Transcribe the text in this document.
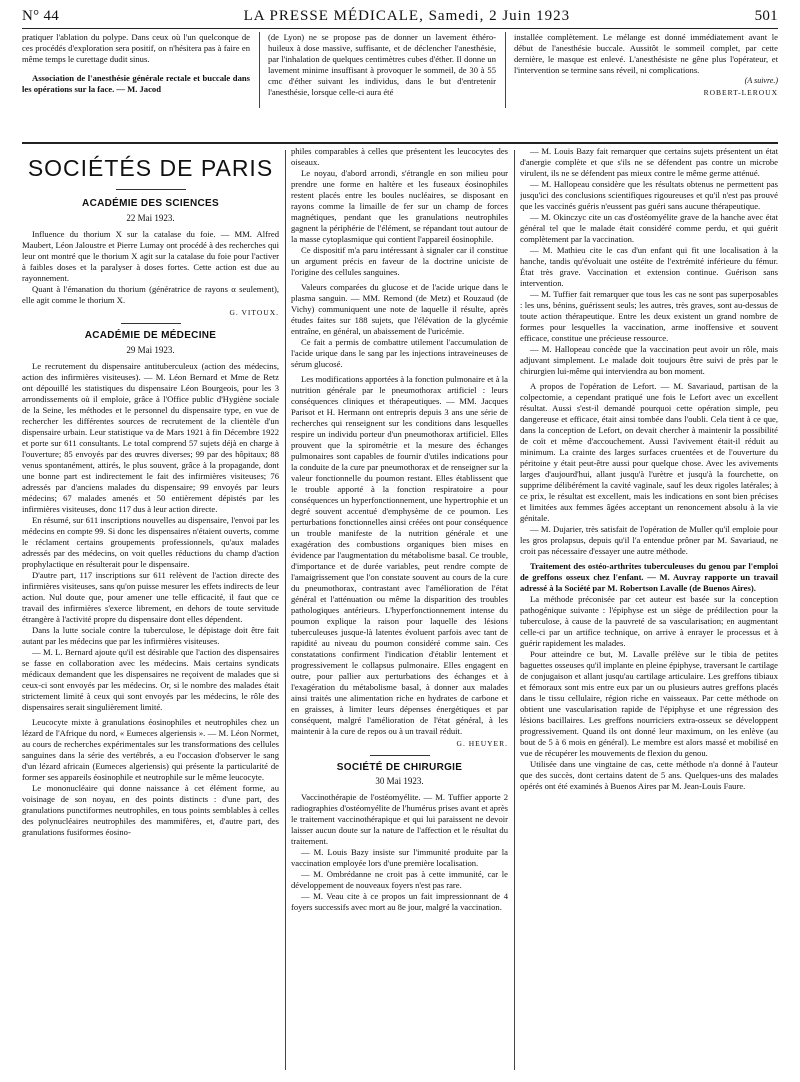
N° 44	LA PRESSE MÉDICALE, Samedi, 2 Juin 1923	501

pratiquer l'ablation du polype. Dans ceux où l'un quelconque de ces procédés d'exploration sera positif, on n'hésitera pas à faire en même temps le curettage dudit sinus.

Association de l'anesthésie générale rectale et buccale dans les opérations sur la face. — M. Jacod

(de Lyon) ne se propose pas de donner un lavement éthéro-huileux à dose massive, suffisante, et de déclencher l'anesthésie, par l'inhalation de quelques centimètres cubes d'éther. Il donne un lavement minime insuffisant à provoquer le sommeil, de 30 à 55 cmc d'éther suivant les individus, dans le but d'entretenir l'anesthésie, lorsque celle-ci aura été

installée complètement. Le mélange est donné immédiatement avant le début de l'anesthésie buccale. Aussitôt le sommeil complet, par cette dernière, le masque est enlevé. L'anesthésiste ne gêne plus l'opérateur, et l'intervention se termine sans réveil, ni complications.

(A suivre.)
ROBERT-LEROUX
SOCIÉTÉS DE PARIS
ACADÉMIE DES SCIENCES
22 Mai 1923.

Influence du thorium X sur la catalase du foie. — MM. Alfred Maubert, Léon Jaloustre et Pierre Lumay ont procédé à des recherches qui leur ont montré que le thorium X agit sur la catalase du foie pour l'activer à faibles doses et la paralyser à doses fortes. Cette action est due au rayonnement.

Quant à l'émanation du thorium (génératrice de rayons α seulement), elle agit comme le thorium X.

G. VITOUX.
ACADÉMIE DE MÉDECINE
29 Mai 1923.

Le recrutement du dispensaire antituberculeux (action des médecins, action des infirmières visiteuses). — M. Léon Bernard et Mme de Retz ont dépouillé les statistiques du dispensaire Léon Bourgeois, pour les 3 arrondissements où il emploie, grâce à l'Office public d'Hygiène sociale de la Seine, les méthodes et le personnel du dispensaire type, en vue de rechercher les différentes sources de recrutement de la clientèle d'un dispensaire urbain. Leur statistique va de Mars 1921 à fin Décembre 1922 et porte sur 611 consultants. Le total comprend 57 sujets déjà en charge à l'ouverture; 85 envoyés par des œuvres diverses; 99 par des hôpitaux; 88 venus spontanément, attirés, le plus souvent, grâce à la propagande, dont une bonne part est indirectement le fait des infirmières visiteuses; 76 adressés par d'anciens malades du dispensaire; 99 envoyés par leurs médecins; 67 malades amenés et 50 entièrement dépistés par les infirmières visiteuses, donc 117 dus à leur action directe.

En résumé, sur 611 inscriptions nouvelles au dispensaire, l'envoi par les médecins en compte 99. Si donc les dispensaires n'étaient ouverts, comme le réclament certains groupements professionnels, qu'aux malades adressés par des médecins, on voit quelles réductions du champ d'action prophylactique en résulterait pour le dispensaire.

D'autre part, 117 inscriptions sur 611 relèvent de l'action directe des infirmières visiteuses, sans qu'on puisse mesurer les effets indirects de leur action. Nul doute que, pour amener une telle efficacité, il faut que ce travail des infirmières s'exerce librement, en dehors de toute servitude étrangère à l'activité propre du dispensaire dont elles dépendent.

Dans la lutte sociale contre la tuberculose, le dépistage doit être fait autant par les médecins que par les infirmières visiteuses.

— M. L. Bernard ajoute qu'il est désirable que l'action des dispensaires se fasse en collaboration avec les médecins. Mais certains syndicats médicaux demandent que les dispensaires ne reçoivent de malades que si ceux-ci sont envoyés par les médecins. Or, si le nombre des malades était strictement limité à ceux qui sont envoyés par les médecins, le rôle des dispensaires serait singulièrement limité.

Leucocyte mixte à granulations éosinophiles et neutrophiles chez un lézard de l'Afrique du nord, « Eumeces algeriensis ». — M. Léon Normet, au cours de recherches expérimentales sur les transformations des cellules sanguines dans la série des vertébrés, a eu l'occasion d'observer le sang d'un lézard africain (Eumeces algeriensis) qui présente la particularité de former ses appareils éosinophile et neutrophile sur le même leucocyte.

Le mononucléaire qui donne naissance à cet élément forme, au voisinage de son noyau, en des points distincts : d'une part, des granulations punctiformes neutrophiles, en tous points semblables à celles des polynucléaires neutrophiles des mammifères, et, d'autre part, des granulations fusiformes éosino-

philes comparables à celles que présentent les leucocytes des oiseaux.

Le noyau, d'abord arrondi, s'étrangle en son milieu pour prendre une forme en haltère et les fuseaux éosinophiles restent placés entre les boules nucléaires, se disposant en rayons comme la limaille de fer sur un champ de forces magnétiques, pendant que les granulations neutrophiles gagnent la périphérie de l'élément, se répandant tout autour de la masse cytoplasmique qui contient l'appareil éosinophile.

Ce dispositif m'a paru intéressant à signaler car il constitue un argument précis en faveur de la doctrine uniciste de l'origine des cellules sanguines.

Valeurs comparées du glucose et de l'acide urique dans le plasma sanguin. — MM. Remond (de Metz) et Rouzaud (de Vichy) communiquent une note de laquelle il résulte, après études faites sur 188 sujets, que l'élévation de la glycémie entraîne, en général, un abaissement de l'uricémie.

Ce fait a permis de combattre utilement l'accumulation de l'acide urique dans le sang par les injections intraveineuses de sérum glucosé.

Les modifications apportées à la fonction pulmonaire et à la nutrition générale par le pneumothorax artificiel : leurs conséquences cliniques et thérapeutiques. — MM. Jacques Parisot et H. Hermann ont entrepris depuis 3 ans une série de recherches qui renseignent sur les conditions dans lesquelles respire un individu porteur d'un pneumothorax artificiel. Elles prouvent que la spirométrie et la mesure des échanges pulmonaires sont capables de fournir d'utiles indications pour la conduite de la cure par pneumothorax et de renseigner sur la valeur fonctionnelle du poumon restant. Elles établissent que le trouble apporté à la fonction respiratoire a pour conséquences un hyperfonctionnement, une hypertrophie et un degré souvent accentué d'emphysème de ce poumon. Les perturbations fonctionnelles ainsi créées ont pour conséquence un trouble manifeste de la nutrition générale et une exagération des combustions organiques bien mises en évidence par l'augmentation du métabolisme basal. Ce trouble, d'importance et de durée variables, peut rendre compte de l'amaigrissement que l'on constate souvent au cours de la cure du pneumothorax, contrastant avec l'amélioration de l'état général et l'atténuation ou même la disparition des troubles pathologiques antérieurs. L'hyperfonctionnement intense du poumon explique la raison pour laquelle des lésions tuberculeuses jusque-là latentes évoluent parfois avec tant de rapidité au niveau du poumon considéré comme sain. Ces constatations confirment l'indication d'établir lentement et progressivement le collapsus pulmonaire. Elles engagent en outre, pour pallier aux perturbations des échanges et à l'exagération du métabolisme basal, à donner aux malades ainsi traités une alimentation riche en hydrates de carbone et en graisses, à limiter leurs dépenses énergétiques et par conséquent, malgré l'amélioration de l'état général, à les maintenir à la cure de repos ou à un travail réduit.

G. HEUYER.
SOCIÉTÉ DE CHIRURGIE
30 Mai 1923.

Vaccinothérapie de l'ostéomyélite. — M. Tuffier apporte 2 radiographies d'ostéomyélite de l'humérus prises avant et après le traitement vaccinothérapique et qui lui paraissent ne devoir laisser aucun doute sur la nature de l'affection et le résultat du traitement.

— M. Louis Bazy insiste sur l'immunité produite par la vaccination employée lors d'une première localisation.

— M. Ombrédanne ne croit pas à cette immunité, car le développement de nouveaux foyers n'est pas rare.

— M. Veau cite à ce propos un fait impressionnant de 4 foyers successifs avec mort au 8e jour, malgré la vaccination.

— M. Louis Bazy fait remarquer que certains sujets présentent un état d'anergie complète et que s'ils ne se défendent pas contre un microbe virulent, ils ne se défendent pas mieux contre le même germe atténué.

— M. Hallopeau considère que les résultats obtenus ne permettent pas jusqu'ici des conclusions scientifiques rigoureuses et qu'il n'est pas prouvé que les vaccinés guéris n'eussent pas guéri sans aucune thérapeutique.

— M. Okinczyc cite un cas d'ostéomyélite grave de la hanche avec état général tel que le malade était considéré comme perdu, et qui guérit complètement par la vaccination.

— M. Mathieu cite le cas d'un enfant qui fit une localisation à la hanche, tandis qu'évoluait une ostéite de l'extrémité inférieure du fémur. État très grave. Vaccination et extension continue. Guérison sans intervention.

— M. Tuffier fait remarquer que tous les cas ne sont pas superposables : les uns, bénins, guérissent seuls; les autres, très graves, sont au-dessus de toute action thérapeutique. Entre les deux existent un grand nombre de formes pour lesquelles la vaccination, arme inoffensive et souvent efficace, constitue une précieuse ressource.

— M. Hallopeau concède que la vaccination peut avoir un rôle, mais adjuvant simplement. Le malade doit toujours être suivi de près par le chirurgien lui-même qui interviendra au bon moment.

A propos de l'opération de Lefort. — M. Savariaud, partisan de la colpectomie, a cependant pratiqué une fois le Lefort avec un excellent résultat. Aussi s'est-il demandé pourquoi cette opération simple, peu dangereuse et efficace, était ainsi tombée dans l'oubli. Cela tient à ce que, dans la conception de Lefort, on devait chercher à maintenir la possibilité de coït et même d'accouchement. Aussi l'avivement était-il réduit au minimum. La crainte des larges surfaces cruentées et de l'ouverture du péritoine y était peut-être aussi pour quelque chose. Avec les avivements larges d'aujourd'hui, allant jusqu'à l'urètre et jusqu'à la fourchette, on supprime délibérément la cavité vaginale, sauf les deux rigoles latérales; à ce prix, le résultat est excellent, mais les indications en sont bien précises et limitées aux femmes âgées acceptant un renoncement absolu à la vie génitale.

— M. Dujarier, très satisfait de l'opération de Muller qu'il emploie pour les gros prolapsus, depuis qu'il l'a entendue prôner par M. Savariaud, ne croit pas nécessaire d'essayer une autre méthode.

Traitement des ostéo-arthrites tuberculeuses du genou par l'emploi de greffons osseux chez l'enfant. — M. Auvray rapporte un travail adressé à la Société par M. Robertson Lavalle (de Buenos Aires).

La méthode préconisée par cet auteur est basée sur la conception pathogénique suivante : l'épiphyse est un siège de prédilection pour la tuberculose, à cause de la pauvreté de sa vascularisation; en augmentant celle-ci par un artifice technique, on arrive à enrayer le processus et à guérir rapidement les malades.

Pour atteindre ce but, M. Lavalle prélève sur le tibia de petites baguettes osseuses qu'il implante en pleine épiphyse, traversant le cartilage de conjugaison et allant jusqu'au cartilage articulaire. Les greffons tibiaux et fémoraux sont mis entre eux par un ou plusieurs autres greffons placés dans le tissu cellulaire, région riche en vaisseaux. Par cette méthode on obtient une vascularisation rapide de l'épiphyse et une régression des lésions bacillaires. Les greffons nourriciers extra-osseux se développent progressivement. Quand ils ont donné leur maximum, on les enlève (au bout de 5 à 6 mois en général). Le membre est alors massé et mobilisé en vue de récupérer les mouvements de flexion du genou.

Utilisée dans une vingtaine de cas, cette méthode n'a donné à l'auteur que des succès, dont certains datent de 5 ans. Quelques-uns des malades opérés ont été examinés à Buenos Aires par M. Jean-Louis Faure.
